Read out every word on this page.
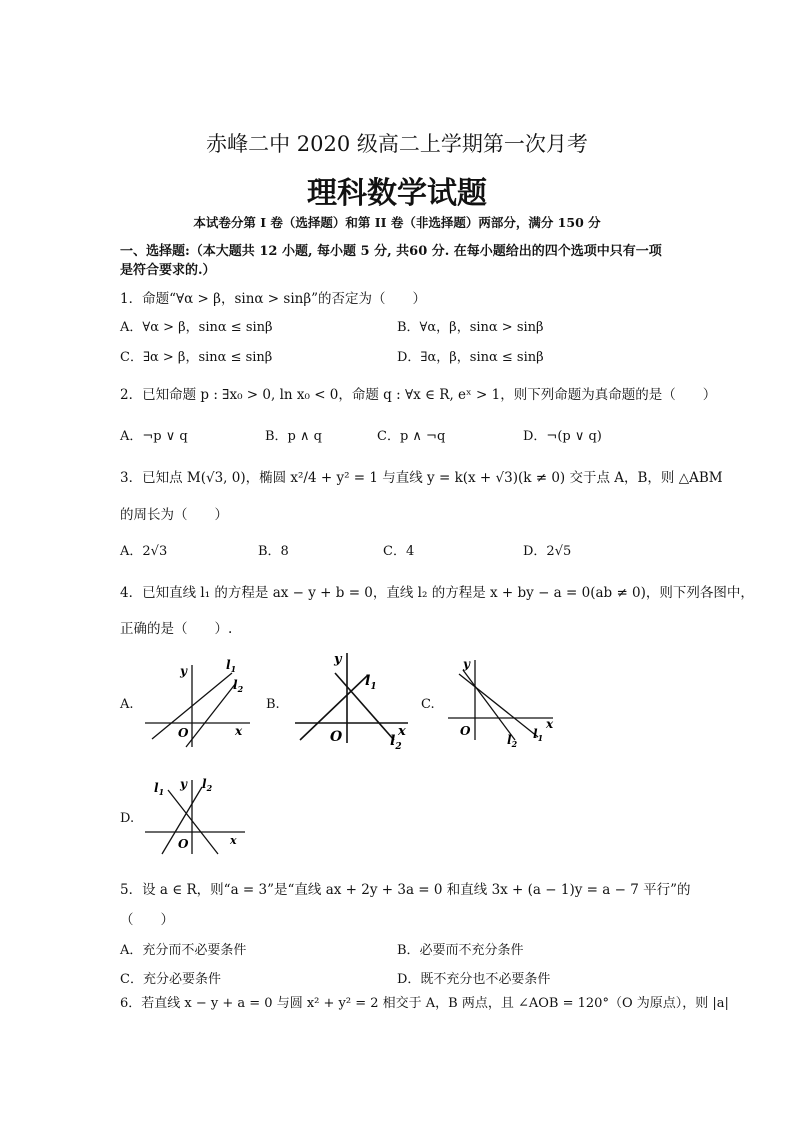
赤峰二中 2020 级高二上学期第一次月考
理科数学试题
本试卷分第 I 卷（选择题）和第 II 卷（非选择题）两部分，满分 150 分
一、选择题:（本大题共 12 小题, 每小题 5 分, 共60 分. 在每小题给出的四个选项中只有一项
是符合要求的.）
1．命题“∀α > β，sinα > sinβ”的否定为（　　）
A．∀α > β，sinα ≤ sinβ	B．∀α，β，sinα > sinβ
C．∃α > β，sinα ≤ sinβ	D．∃α，β，sinα ≤ sinβ
2．已知命题 p : ∃x₀ > 0, ln x₀ < 0，命题 q : ∀x ∈ R, eˣ > 1，则下列命题为真命题的是（　　）
A．¬p ∨ q	B．p ∧ q	C．p ∧ ¬q	D．¬(p ∨ q)
3．已知点 M(√3, 0)，椭圆 x²/4 + y² = 1 与直线 y = k(x + √3)(k ≠ 0) 交于点 A，B，则 △ABM
的周长为（　　）
A．2√3	B．8	C．4	D．2√5
4．已知直线 l₁ 的方程是 ax − y + b = 0，直线 l₂ 的方程是 x + by − a = 0(ab ≠ 0)，则下列各图中，
正确的是（　　）.
A.
y
x
O
$l_1$
$l_2$
B.
y
x
O
$l_1$
$l_2$
C.
y
x
O	$l_1$
$l_2$
D.
y
x
O
$l_1$
$l_2$
5．设 a ∈ R，则“a = 3”是“直线 ax + 2y + 3a = 0 和直线 3x + (a − 1)y = a − 7 平行”的
（　　）
A．充分而不必要条件	B．必要而不充分条件
C．充分必要条件	D．既不充分也不必要条件
6．若直线 x − y + a = 0 与圆 x² + y² = 2 相交于 A，B 两点，且 ∠AOB = 120°（O 为原点），则 |a|
